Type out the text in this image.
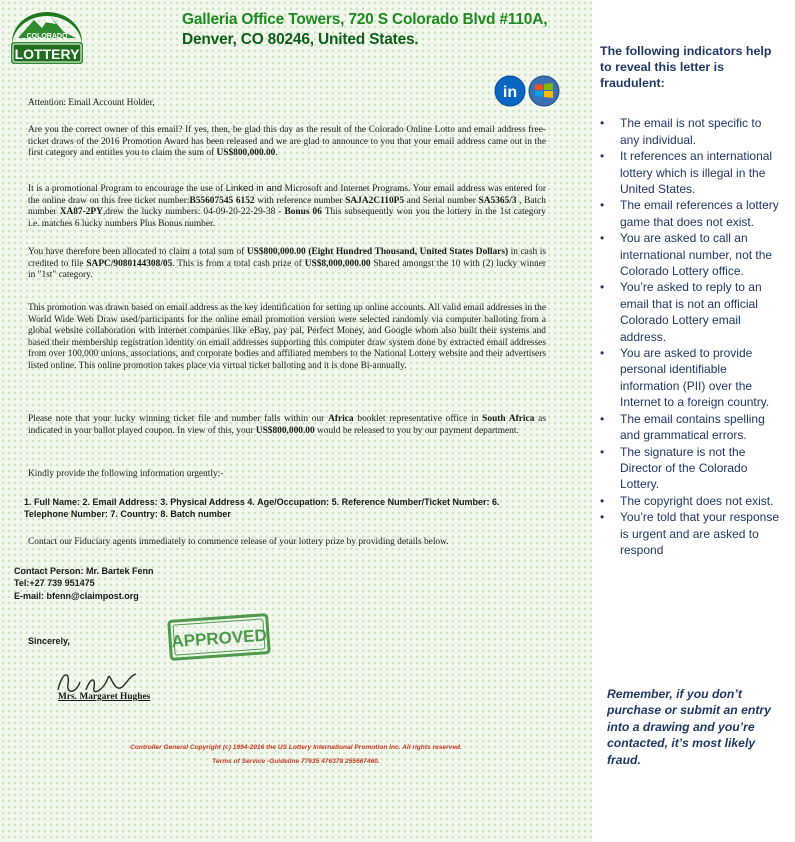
COLORADO
LOTTERY
Galleria Office Towers, 720 S Colorado Blvd #110A,
Denver, CO 80246, United States.
in

Attention: Email Account Holder,

Are you the correct owner of this email? If yes, then, be glad this day as the result of the Colorado Online Lotto and email address free-ticket draws of the 2016 Promotion Award has been released and we are glad to announce to you that your email address came out in the first category and entitles you to claim the sum of US$800,000.00.

It is a promotional Program to encourage the use of Linked in and Microsoft and Internet Programs. Your email address was entered for the online draw on this free ticket number:B55607545 6152 with reference number SAJA2C110P5 and Serial number SA5365/3 , Batch number XA87-2PY,drew the lucky numbers: 04-09-20-22-29-38 - Bonus 06 This subsequently won you the lottery in the 1st category i.e. matches 6 lucky numbers Plus Bonus number.

You have therefore been allocated to claim a total sum of US$800,000.00 (Eight Hundred Thousand, United States Dollars) in cash is credited to file SAPC/9080144308/05. This is from a total cash prize of US$8,000,000.00 Shared amongst the 10 with (2) lucky winner in "1st" category.

This promotion was drawn based on email address as the key identification for setting up online accounts. All valid email addresses in the World Wide Web Draw used/participants for the online email promotion version were selected randomly via computer balloting from a global website collaboration with internet companies like eBay, pay pal, Perfect Money, and Google whom also built their systems and based their membership registration identity on email addresses supporting this computer draw system done by extracted email addresses from over 100,000 unions, associations, and corporate bodies and affiliated members to the National Lottery website and their advertisers listed online. This online promotion takes place via virtual ticket balloting and it is done Bi-annually.

Please note that your lucky winning ticket file and number falls within our Africa booklet representative office in South Africa as indicated in your ballot played coupon. In view of this, your US$800,000.00 would be released to you by our payment department.

Kindly provide the following information urgently:-

1. Full Name: 2. Email Address: 3. Physical Address 4. Age/Occupation: 5. Reference Number/Ticket Number: 6. Telephone Number: 7. Country: 8. Batch number

Contact our Fiduciary agents immediately to commence release of your lottery prize by providing details below.

Contact Person: Mr. Bartek Fenn
Tel:+27 739 951475
E-mail: bfenn@claimpost.org
Sincerely,	APPROVED
Mrs. Margaret Hughes
Controller General Copyright (c) 1994-2016 the US Lottery International Promotion Inc. All rights reserved.
Terms of Service -Guideline 77635 476378 255667460.
The following indicators help to reveal this letter is fraudulent:
• The email is not specific to any individual.
• It references an international lottery which is illegal in the United States.
• The email references a lottery game that does not exist.
• You are asked to call an international number, not the Colorado Lottery office.
• You’re asked to reply to an email that is not an official Colorado Lottery email address.
• You are asked to provide personal identifiable information (PII) over the Internet to a foreign country.
• The email contains spelling and grammatical errors.
• The signature is not the Director of the Colorado Lottery.
• The copyright does not exist.
• You’re told that your response is urgent and are asked to respond
Remember, if you don’t purchase or submit an entry into a drawing and you’re contacted, it’s most likely fraud.
